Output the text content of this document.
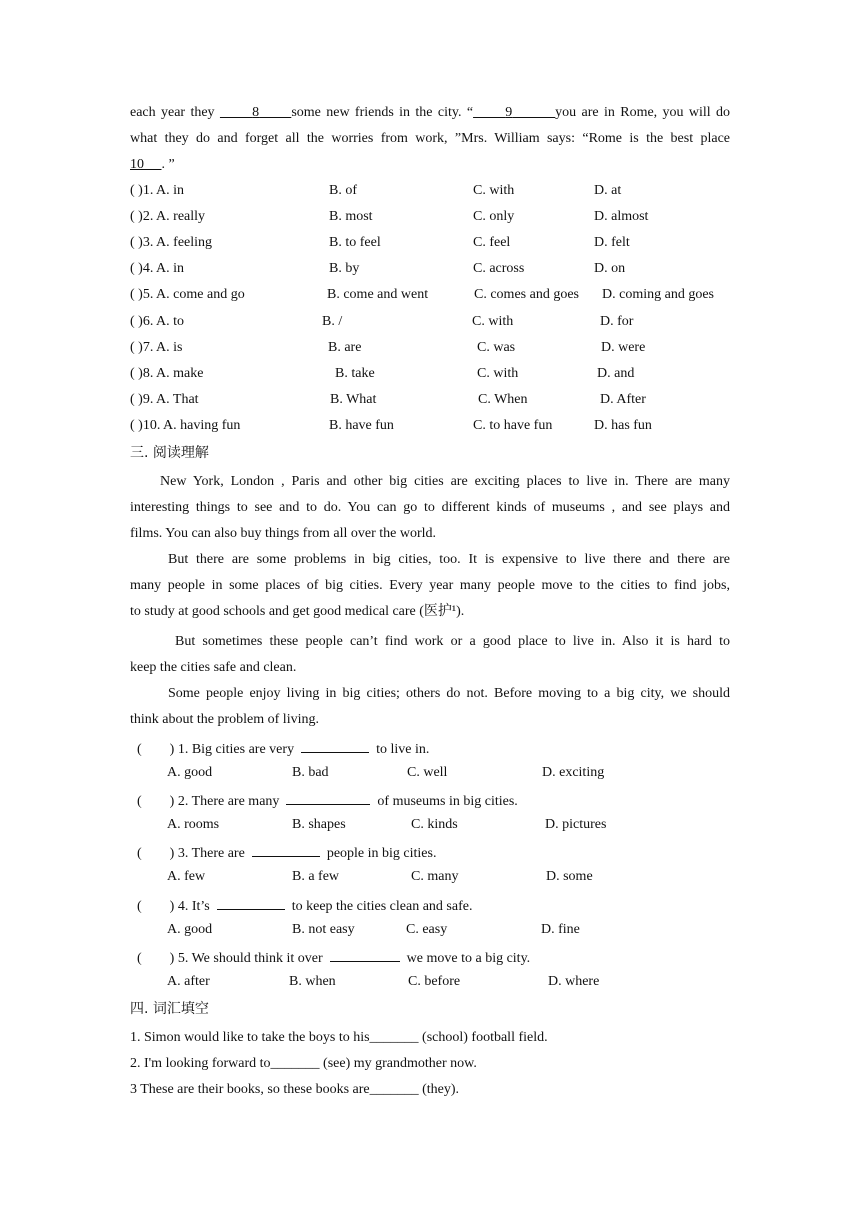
each year they	8 some new friends in the city. “ 9	you are in Rome, you will do
what they do and forget all the worries from work, ”Mrs. William says: “Rome is the best place
10 . ”
( )1. A. in	B. of	C. with	D. at
( )2. A. really	B. most	C. only	D. almost
( )3. A. feeling	B. to feel	C. feel	D. felt
( )4. A. in	B. by	C. across	D. on
( )5. A. come and go	B. come and went	C. comes and goes D. coming and goes
( )6. A. to	B. /	C. with	D. for
( )7. A. is	B. are	C. was	D. were
( )8. A. make	B. take	C. with	D. and
( )9. A. That	B. What	C. When	D. After
( )10. A. having fun	B. have fun	C. to have fun	D. has fun
三. 阅读理解
New York, London , Paris and other big cities are exciting places to live in. There are many
interesting things to see and to do. You can go to different kinds of museums , and see plays and
films. You can also buy things from all over the world.
But there are some problems in big cities, too. It is expensive to live there and there are
many people in some places of big cities. Every year many people move to the cities to find jobs,
to study at good schools and get good medical care (医护¹).
But sometimes these people can’t find work or a good place to live in. Also it is hard to
keep the cities safe and clean.
Some people enjoy living in big cities; others do not. Before moving to a big city, we should
think about the problem of living.
(        ) 1. Big cities are very	to live in.
A. good	B. bad	C. well	D. exciting
(        ) 2. There are many	of museums in big cities.
A. rooms	B. shapes	C. kinds	D. pictures
(        ) 3. There are	people in big cities.
A. few	B. a few	C. many	D. some
(        ) 4. It’s	to keep the cities clean and safe.
A. good	B. not easy	C. easy	D. fine
(        ) 5. We should think it over	we move to a big city.
A. after	B. when	C. before	D. where
四. 词汇填空
1. Simon would like to take the boys to his_______ (school) football field.
2. I'm looking forward to_______ (see) my grandmother now.
3 These are their books, so these books are_______ (they).
